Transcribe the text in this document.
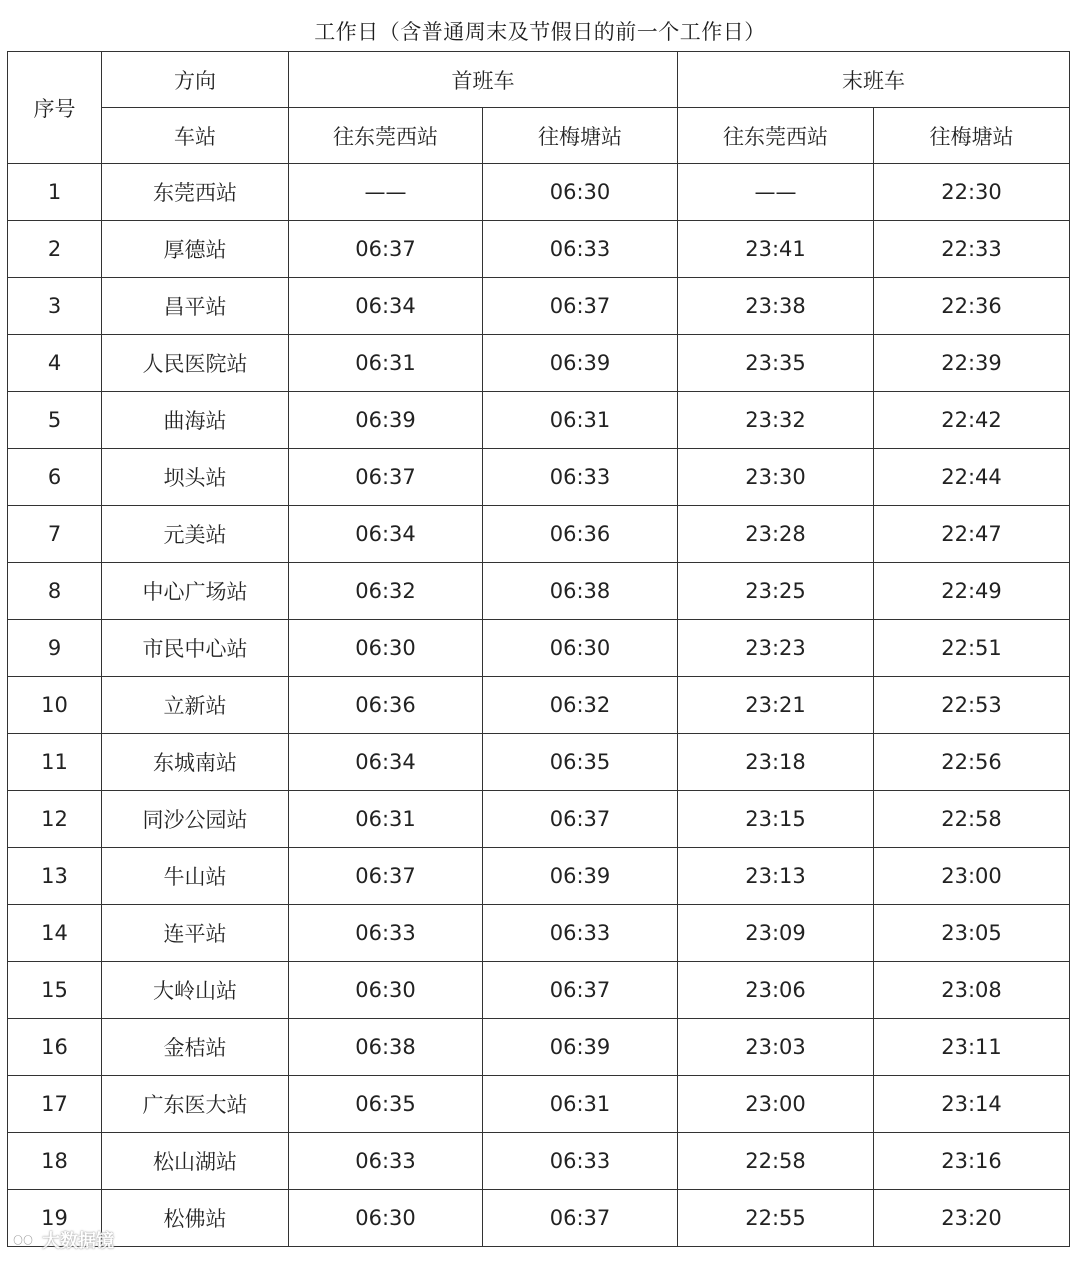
工作日（含普通周末及节假日的前一个工作日）
序号	方向	首班车		末班车	
	车站	往东莞西站	往梅塘站	往东莞西站	往梅塘站
1	东莞西站	——	06:30	——	22:30
2	厚德站	06:37	06:33	23:41	22:33
3	昌平站	06:34	06:37	23:38	22:36
4	人民医院站	06:31	06:39	23:35	22:39
5	曲海站	06:39	06:31	23:32	22:42
6	坝头站	06:37	06:33	23:30	22:44
7	元美站	06:34	06:36	23:28	22:47
8	中心广场站	06:32	06:38	23:25	22:49
9	市民中心站	06:30	06:30	23:23	22:51
10	立新站	06:36	06:32	23:21	22:53
11	东城南站	06:34	06:35	23:18	22:56
12	同沙公园站	06:31	06:37	23:15	22:58
13	牛山站	06:37	06:39	23:13	23:00
14	连平站	06:33	06:33	23:09	23:05
15	大岭山站	06:30	06:37	23:06	23:08
16	金桔站	06:38	06:39	23:03	23:11
17	广东医大站	06:35	06:31	23:00	23:14
18	松山湖站	06:33	06:33	22:58	23:16
19	松佛站	06:30	06:37	22:55	23:20
大数据镜
